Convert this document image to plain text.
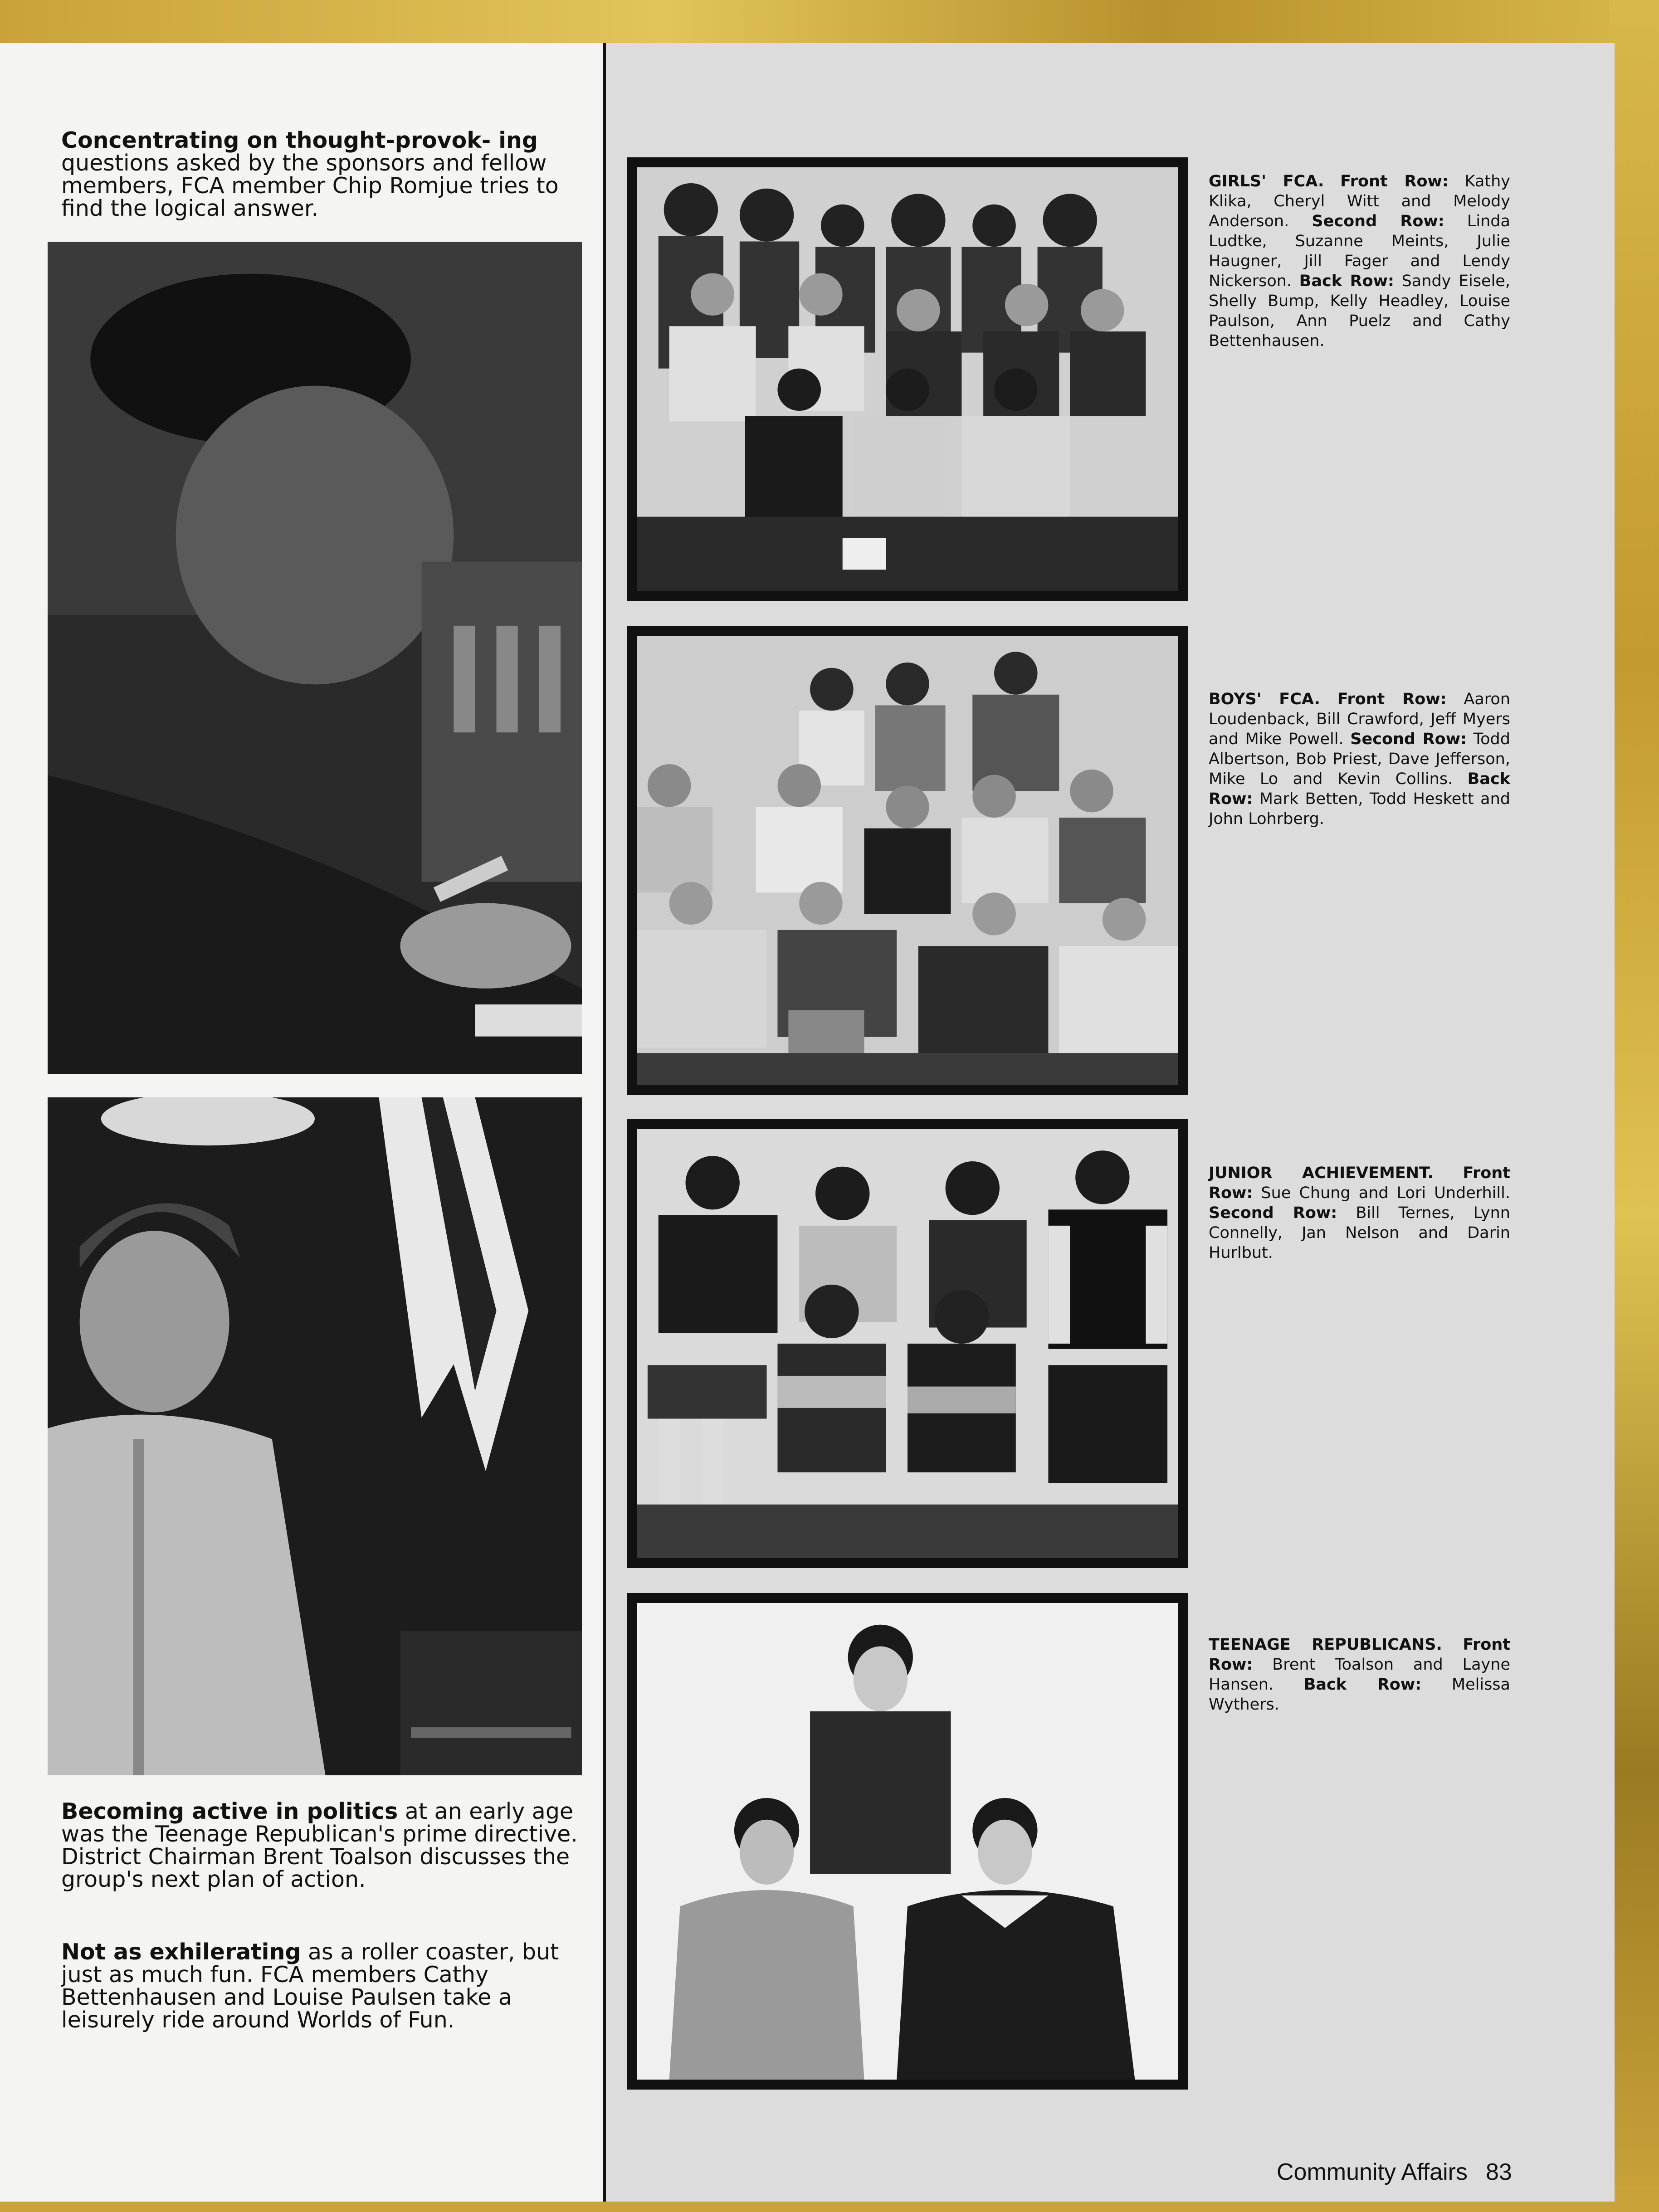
Concentrating on thought-provok- ing questions asked by the sponsors and fellow members, FCA member Chip Romjue tries to find the logical answer.
Becoming active in politics at an early age was the Teenage Republican's prime directive. District Chairman Brent Toalson discusses the group's next plan of action.
Not as exhilerating as a roller coaster, but just as much fun. FCA members Cathy Bettenhausen and Louise Paulsen take a leisurely ride around Worlds of Fun.
GIRLS' FCA. Front Row: Kathy Klika, Cheryl Witt and Melody Anderson. Second Row: Linda Ludtke, Suzanne Meints, Julie Haugner, Jill Fager and Lendy Nickerson. Back Row: Sandy Eisele, Shelly Bump, Kelly Headley, Louise Paulson, Ann Puelz and Cathy Bettenhausen.
BOYS' FCA. Front Row: Aaron Loudenback, Bill Crawford, Jeff Myers and Mike Powell. Second Row: Todd Albertson, Bob Priest, Dave Jefferson, Mike Lo and Kevin Collins. Back Row: Mark Betten, Todd Heskett and John Lohrberg.
JUNIOR ACHIEVEMENT. Front Row: Sue Chung and Lori Underhill. Second Row: Bill Ternes, Lynn Connelly, Jan Nelson and Darin Hurlbut.
TEENAGE REPUBLICANS. Front Row: Brent Toalson and Layne Hansen. Back Row: Melissa Wythers.
Community Affairs 83
